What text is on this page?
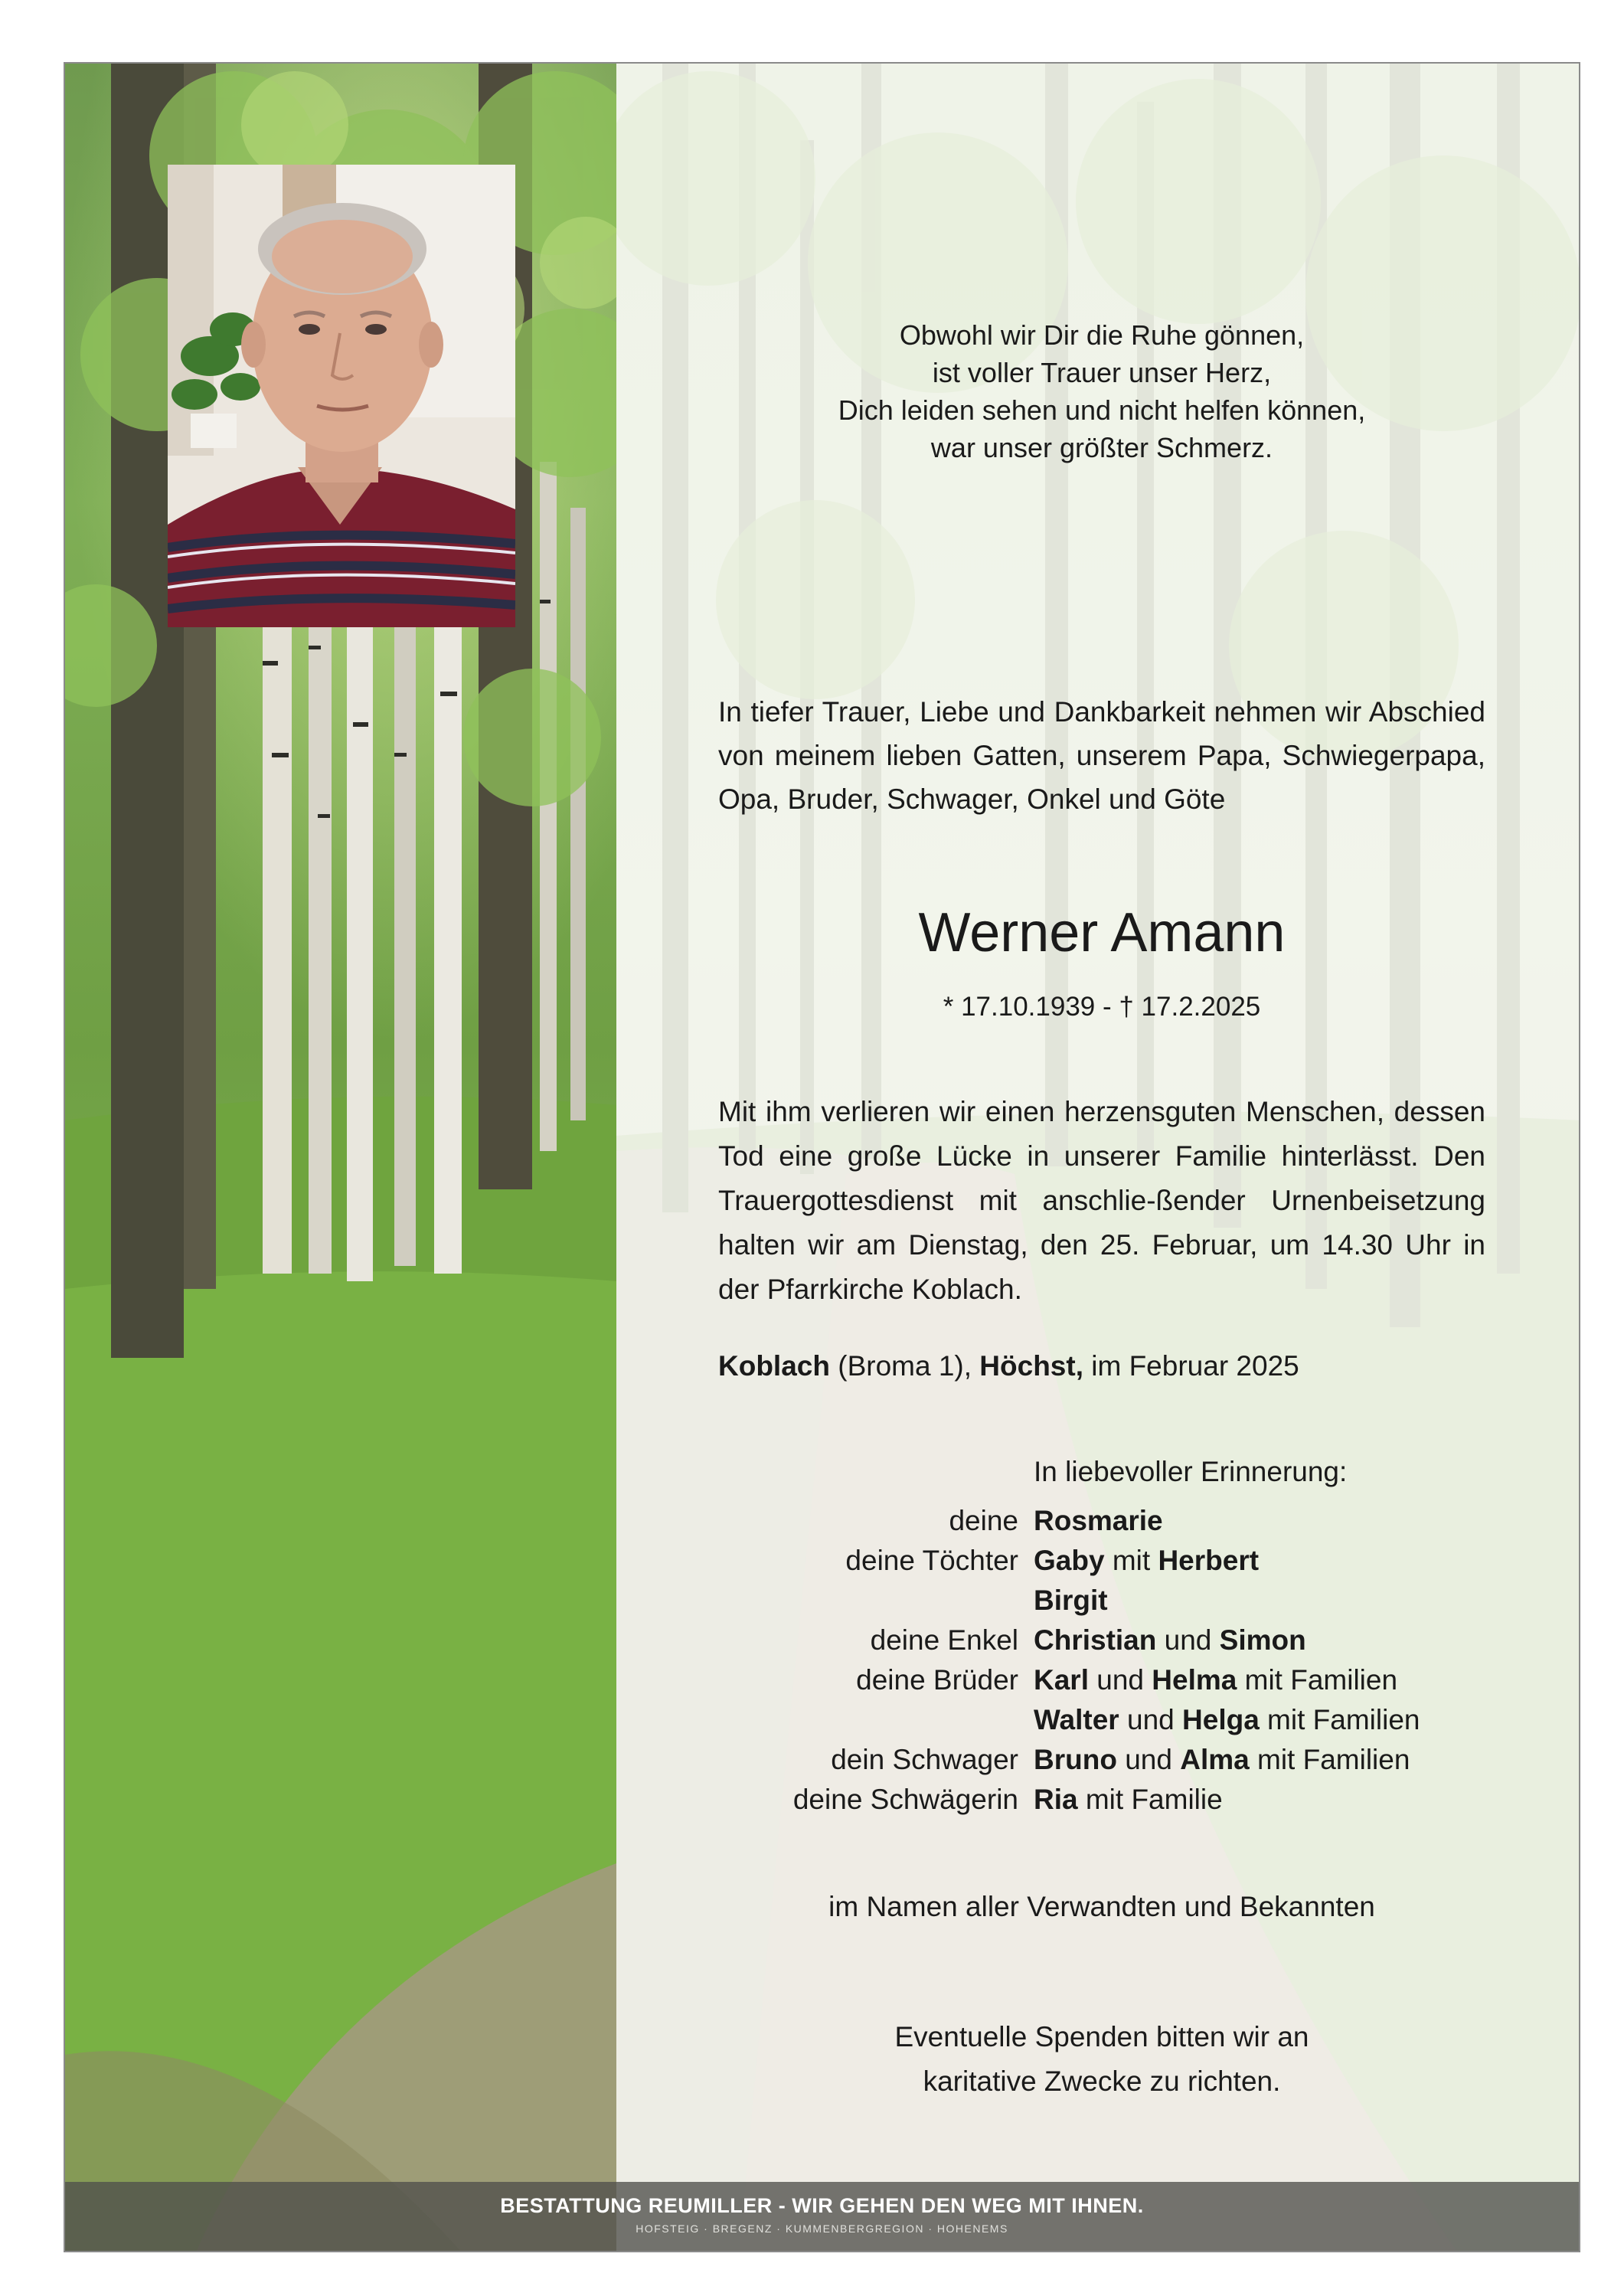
Obwohl wir Dir die Ruhe gönnen,
ist voller Trauer unser Herz,
Dich leiden sehen und nicht helfen können,
war unser größter Schmerz.
In tiefer Trauer, Liebe und Dankbarkeit nehmen wir Abschied von meinem lieben Gatten, unserem Papa, Schwiegerpapa, Opa, Bruder, Schwager, Onkel und Göte
Werner Amann
* 17.10.1939 - † 17.2.2025
Mit ihm verlieren wir einen herzensguten Menschen, dessen Tod eine große Lücke in unserer Familie hinterlässt. Den Trauergottesdienst mit anschlie-ßender Urnenbeisetzung halten wir am Dienstag, den 25. Februar, um 14.30 Uhr in der Pfarrkirche Koblach.
Koblach (Broma 1), Höchst, im Februar 2025
In liebevoller Erinnerung:
deine Rosmarie
deine Töchter Gaby mit Herbert
Birgit
deine Enkel Christian und Simon
deine Brüder Karl und Helma mit Familien
Walter und Helga mit Familien
dein Schwager Bruno und Alma mit Familien
deine Schwägerin Ria mit Familie
im Namen aller Verwandten und Bekannten
Eventuelle Spenden bitten wir an
karitative Zwecke zu richten.
BESTATTUNG REUMILLER - WIR GEHEN DEN WEG MIT IHNEN.
HOFSTEIG · BREGENZ · KUMMENBERGREGION · HOHENEMS
